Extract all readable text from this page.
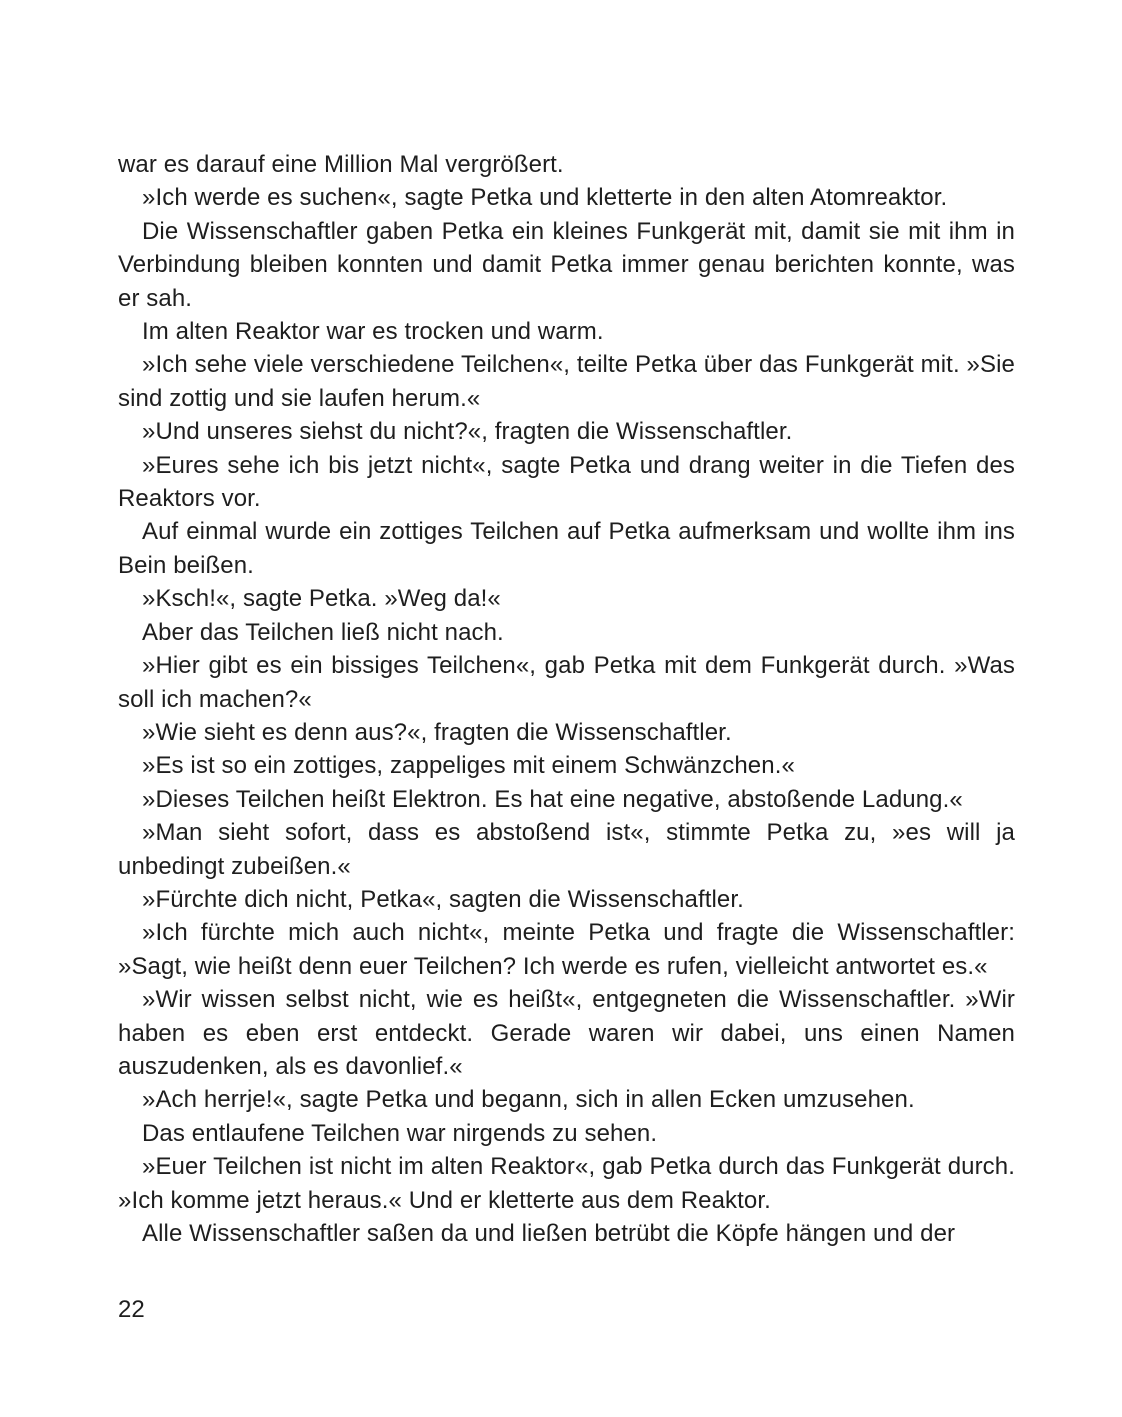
war es darauf eine Million Mal vergrößert.

»Ich werde es suchen«, sagte Petka und kletterte in den alten Atomreaktor.

Die Wissenschaftler gaben Petka ein kleines Funkgerät mit, damit sie mit ihm in Verbindung bleiben konnten und damit Petka immer genau berichten konnte, was er sah.

Im alten Reaktor war es trocken und warm.

»Ich sehe viele verschiedene Teilchen«, teilte Petka über das Funkgerät mit. »Sie sind zottig und sie laufen herum.«

»Und unseres siehst du nicht?«, fragten die Wissenschaftler.

»Eures sehe ich bis jetzt nicht«, sagte Petka und drang weiter in die Tiefen des Reaktors vor.

Auf einmal wurde ein zottiges Teilchen auf Petka aufmerksam und wollte ihm ins Bein beißen.

»Ksch!«, sagte Petka. »Weg da!«

Aber das Teilchen ließ nicht nach.

»Hier gibt es ein bissiges Teilchen«, gab Petka mit dem Funkgerät durch. »Was soll ich machen?«

»Wie sieht es denn aus?«, fragten die Wissenschaftler.

»Es ist so ein zottiges, zappeliges mit einem Schwänzchen.«

»Dieses Teilchen heißt Elektron. Es hat eine negative, abstoßende Ladung.«

»Man sieht sofort, dass es abstoßend ist«, stimmte Petka zu, »es will ja unbedingt zubeißen.«

»Fürchte dich nicht, Petka«, sagten die Wissenschaftler.

»Ich fürchte mich auch nicht«, meinte Petka und fragte die Wissenschaftler: »Sagt, wie heißt denn euer Teilchen? Ich werde es rufen, vielleicht antwortet es.«

»Wir wissen selbst nicht, wie es heißt«, entgegneten die Wissenschaftler. »Wir haben es eben erst entdeckt. Gerade waren wir dabei, uns einen Namen auszudenken, als es davonlief.«

»Ach herrje!«, sagte Petka und begann, sich in allen Ecken umzusehen.

Das entlaufene Teilchen war nirgends zu sehen.

»Euer Teilchen ist nicht im alten Reaktor«, gab Petka durch das Funkgerät durch. »Ich komme jetzt heraus.« Und er kletterte aus dem Reaktor.

Alle Wissenschaftler saßen da und ließen betrübt die Köpfe hängen und der

22
